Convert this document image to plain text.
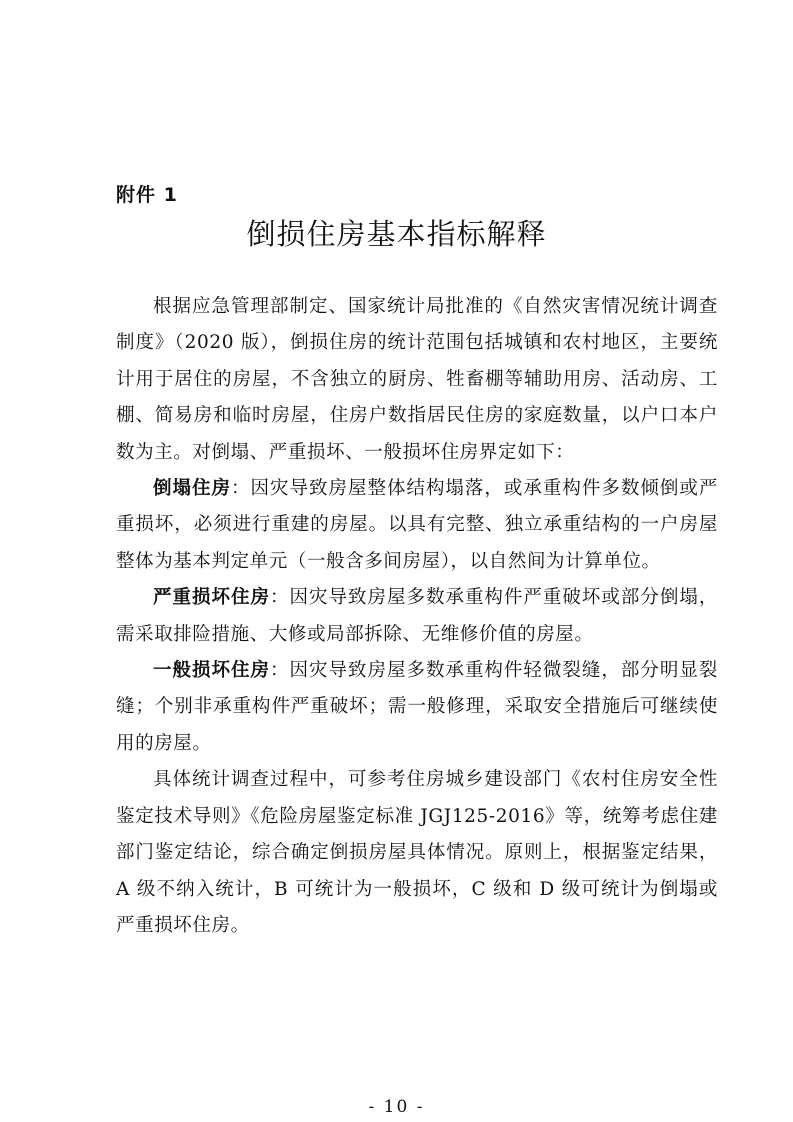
附件 1

倒损住房基本指标解释

根据应急管理部制定、国家统计局批准的《自然灾害情况统计调查制度》（2020 版），倒损住房的统计范围包括城镇和农村地区，主要统计用于居住的房屋，不含独立的厨房、牲畜棚等辅助用房、活动房、工棚、简易房和临时房屋，住房户数指居民住房的家庭数量，以户口本户数为主。对倒塌、严重损坏、一般损坏住房界定如下：

倒塌住房：因灾导致房屋整体结构塌落，或承重构件多数倾倒或严重损坏，必须进行重建的房屋。以具有完整、独立承重结构的一户房屋整体为基本判定单元（一般含多间房屋），以自然间为计算单位。

严重损坏住房：因灾导致房屋多数承重构件严重破坏或部分倒塌，需采取排险措施、大修或局部拆除、无维修价值的房屋。

一般损坏住房：因灾导致房屋多数承重构件轻微裂缝，部分明显裂缝；个别非承重构件严重破坏；需一般修理，采取安全措施后可继续使用的房屋。

具体统计调查过程中，可参考住房城乡建设部门《农村住房安全性鉴定技术导则》《危险房屋鉴定标准 JGJ125-2016》等，统筹考虑住建部门鉴定结论，综合确定倒损房屋具体情况。原则上，根据鉴定结果，A 级不纳入统计，B 可统计为一般损坏，C 级和 D 级可统计为倒塌或严重损坏住房。

- 10 -
